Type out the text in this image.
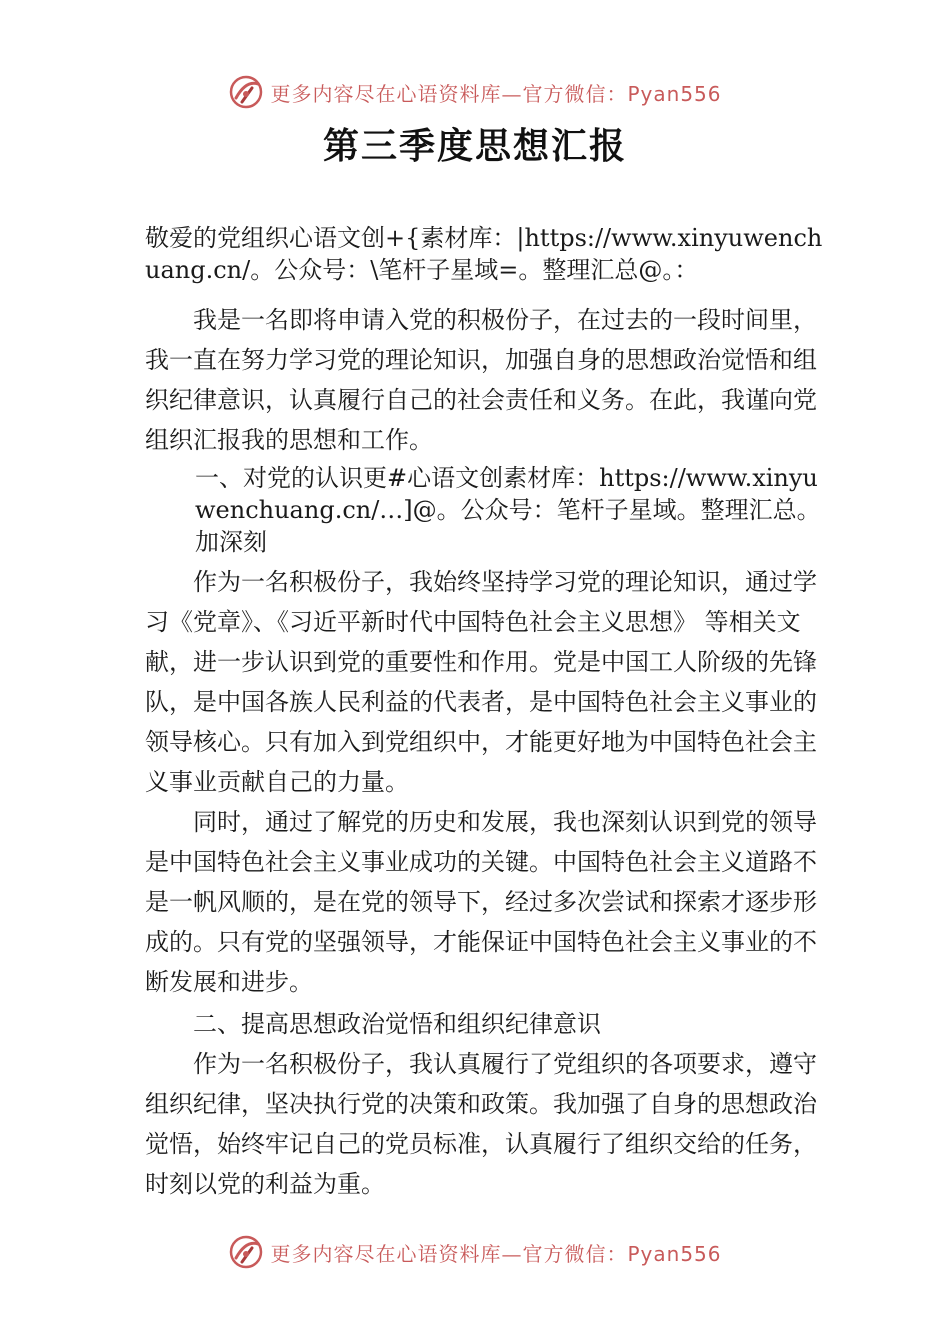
更多内容尽在心语资料库—官方微信：Pyan556
第三季度思想汇报

敬爱的党组织心语文创+{素材库：|https://www.xinyuwenchuang.cn/。公众号：\笔杆子星域=。整理汇总@。：

我是一名即将申请入党的积极份子，在过去的一段时间里，我一直在努力学习党的理论知识，加强自身的思想政治觉悟和组织纪律意识，认真履行自己的社会责任和义务。在此，我谨向党组织汇报我的思想和工作。

一、对党的认识更#心语文创素材库：https://www.xinyuwenchuang.cn/…]@。公众号：笔杆子星域。整理汇总。加深刻

作为一名积极份子，我始终坚持学习党的理论知识，通过学习《党章》、《习近平新时代中国特色社会主义思想》 等相关文献，进一步认识到党的重要性和作用。党是中国工人阶级的先锋队，是中国各族人民利益的代表者，是中国特色社会主义事业的领导核心。只有加入到党组织中，才能更好地为中国特色社会主义事业贡献自己的力量。

同时，通过了解党的历史和发展，我也深刻认识到党的领导是中国特色社会主义事业成功的关键。中国特色社会主义道路不是一帆风顺的，是在党的领导下，经过多次尝试和探索才逐步形成的。只有党的坚强领导，才能保证中国特色社会主义事业的不断发展和进步。

二、提高思想政治觉悟和组织纪律意识

作为一名积极份子，我认真履行了党组织的各项要求，遵守组织纪律，坚决执行党的决策和政策。我加强了自身的思想政治觉悟，始终牢记自己的党员标准，认真履行了组织交给的任务，时刻以党的利益为重。

更多内容尽在心语资料库—官方微信：Pyan556
